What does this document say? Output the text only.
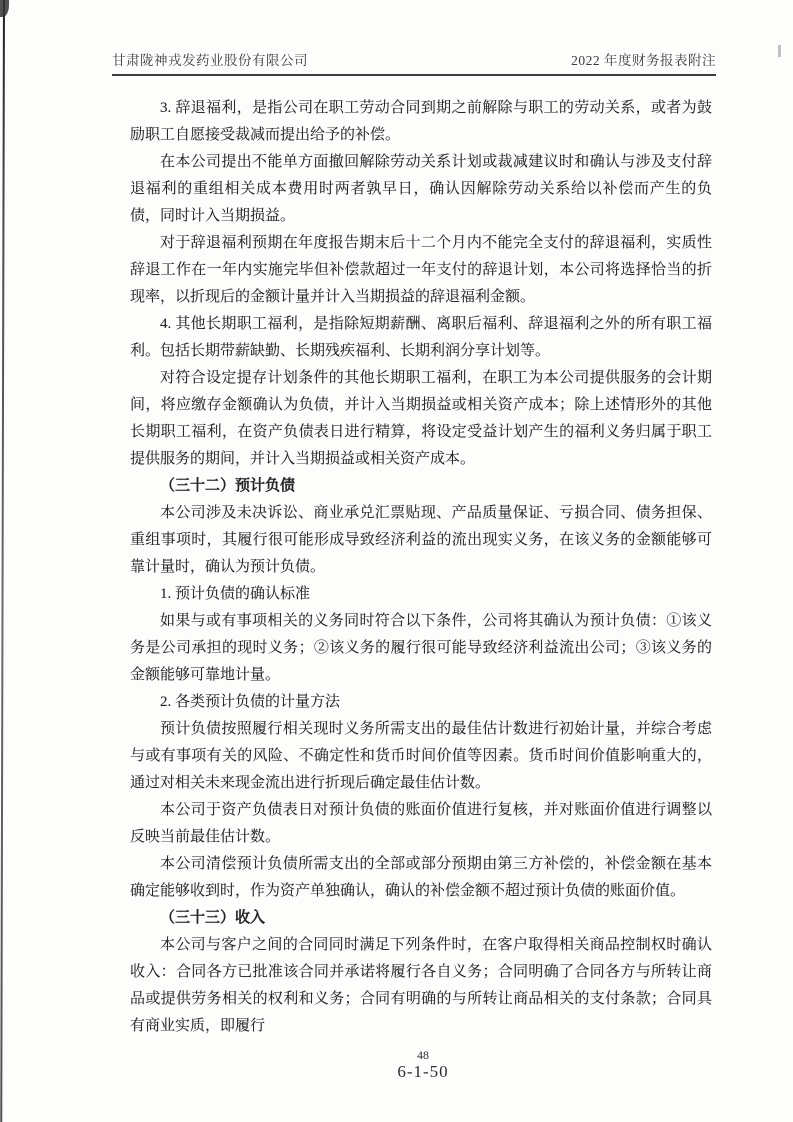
甘肃陇神戎发药业股份有限公司	2022 年度财务报表附注

3. 辞退福利，是指公司在职工劳动合同到期之前解除与职工的劳动关系，或者为鼓励职工自愿接受裁减而提出给予的补偿。

在本公司提出不能单方面撤回解除劳动关系计划或裁减建议时和确认与涉及支付辞退福利的重组相关成本费用时两者孰早日，确认因解除劳动关系给以补偿而产生的负债，同时计入当期损益。

对于辞退福利预期在年度报告期末后十二个月内不能完全支付的辞退福利，实质性辞退工作在一年内实施完毕但补偿款超过一年支付的辞退计划，本公司将选择恰当的折现率，以折现后的金额计量并计入当期损益的辞退福利金额。

4. 其他长期职工福利，是指除短期薪酬、离职后福利、辞退福利之外的所有职工福利。包括长期带薪缺勤、长期残疾福利、长期利润分享计划等。

对符合设定提存计划条件的其他长期职工福利，在职工为本公司提供服务的会计期间，将应缴存金额确认为负债，并计入当期损益或相关资产成本；除上述情形外的其他长期职工福利，在资产负债表日进行精算，将设定受益计划产生的福利义务归属于职工提供服务的期间，并计入当期损益或相关资产成本。

（三十二）预计负债

本公司涉及未决诉讼、商业承兑汇票贴现、产品质量保证、亏损合同、债务担保、重组事项时，其履行很可能形成导致经济利益的流出现实义务，在该义务的金额能够可靠计量时，确认为预计负债。

1. 预计负债的确认标准

如果与或有事项相关的义务同时符合以下条件，公司将其确认为预计负债：①该义务是公司承担的现时义务；②该义务的履行很可能导致经济利益流出公司；③该义务的金额能够可靠地计量。

2. 各类预计负债的计量方法

预计负债按照履行相关现时义务所需支出的最佳估计数进行初始计量，并综合考虑与或有事项有关的风险、不确定性和货币时间价值等因素。货币时间价值影响重大的，通过对相关未来现金流出进行折现后确定最佳估计数。

本公司于资产负债表日对预计负债的账面价值进行复核，并对账面价值进行调整以反映当前最佳估计数。

本公司清偿预计负债所需支出的全部或部分预期由第三方补偿的，补偿金额在基本确定能够收到时，作为资产单独确认，确认的补偿金额不超过预计负债的账面价值。

（三十三）收入

本公司与客户之间的合同同时满足下列条件时，在客户取得相关商品控制权时确认收入：合同各方已批准该合同并承诺将履行各自义务；合同明确了合同各方与所转让商品或提供劳务相关的权利和义务；合同有明确的与所转让商品相关的支付条款；合同具有商业实质，即履行

48
6-1-50
